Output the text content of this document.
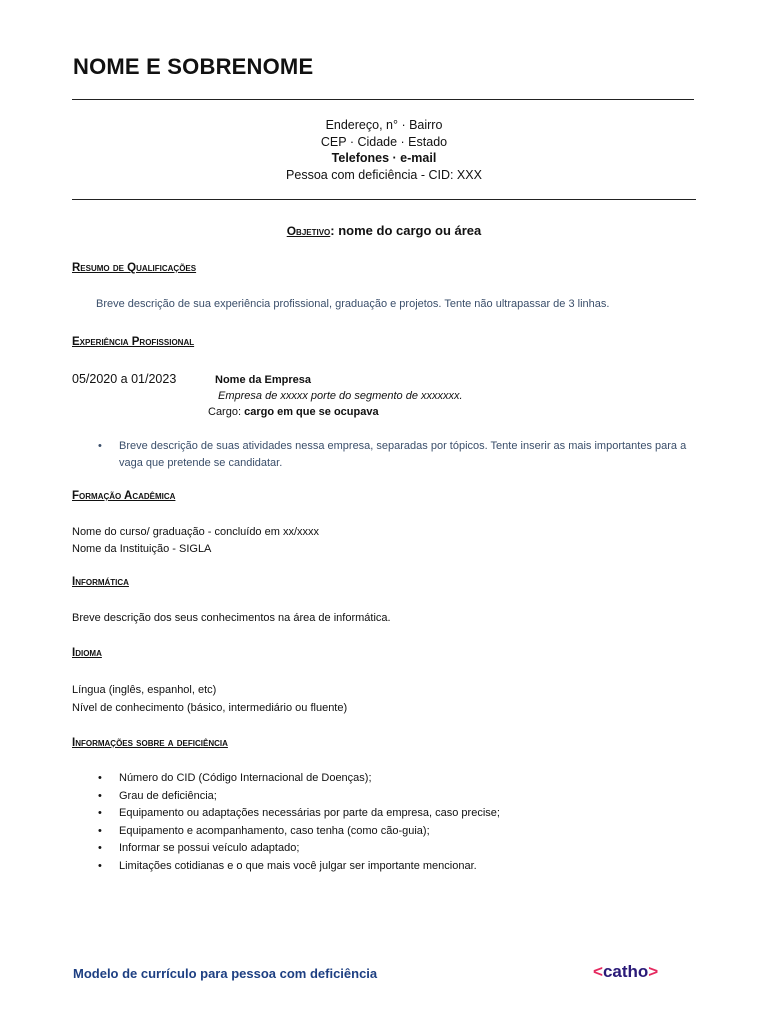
NOME E SOBRENOME
Endereço, n° · Bairro
CEP · Cidade · Estado
Telefones · e-mail
Pessoa com deficiência - CID: XXX
Objetivo: nome do cargo ou área
Resumo de Qualificações
Breve descrição de sua experiência profissional, graduação e projetos. Tente não ultrapassar de 3 linhas.
Experiência Profissional
05/2020 a 01/2023	Nome da Empresa
Empresa de xxxxx porte do segmento de xxxxxxx.
Cargo: cargo em que se ocupava
• Breve descrição de suas atividades nessa empresa, separadas por tópicos. Tente inserir as mais importantes para a vaga que pretende se candidatar.
Formação Acadêmica
Nome do curso/ graduação - concluído em xx/xxxx
Nome da Instituição - SIGLA
Informática
Breve descrição dos seus conhecimentos na área de informática.
Idioma
Língua (inglês, espanhol, etc)
Nível de conhecimento (básico, intermediário ou fluente)
Informações sobre a deficiência
• Número do CID (Código Internacional de Doenças);
• Grau de deficiência;
• Equipamento ou adaptações necessárias por parte da empresa, caso precise;
• Equipamento e acompanhamento, caso tenha (como cão-guia);
• Informar se possui veículo adaptado;
• Limitações cotidianas e o que mais você julgar ser importante mencionar.
Modelo de currículo para pessoa com deficiência	<catho>
